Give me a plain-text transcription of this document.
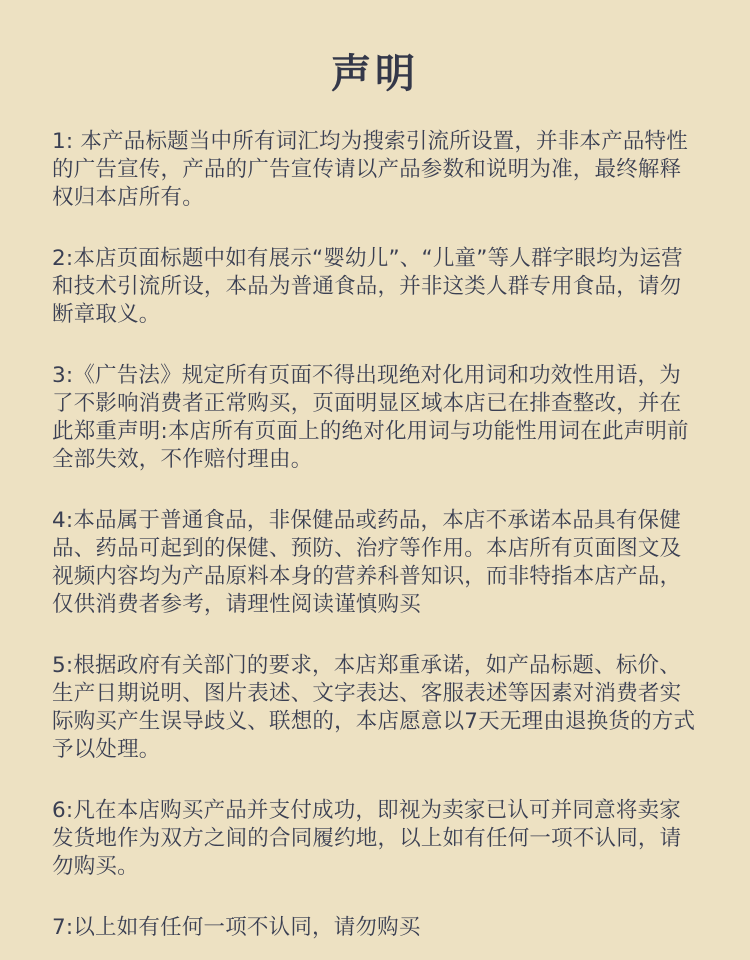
声明

1: 本产品标题当中所有词汇均为搜索引流所设置，并非本产品特性的广告宣传，产品的广告宣传请以产品参数和说明为准，最终解释权归本店所有。

2:本店页面标题中如有展示“婴幼儿”、“儿童”等人群字眼均为运营和技术引流所设，本品为普通食品，并非这类人群专用食品，请勿断章取义。

3:《广告法》规定所有页面不得出现绝对化用词和功效性用语，为了不影响消费者正常购买，页面明显区域本店已在排查整改，并在此郑重声明:本店所有页面上的绝对化用词与功能性用词在此声明前全部失效，不作赔付理由。

4:本品属于普通食品，非保健品或药品，本店不承诺本品具有保健品、药品可起到的保健、预防、治疗等作用。本店所有页面图文及视频内容均为产品原料本身的营养科普知识，而非特指本店产品，仅供消费者参考，请理性阅读谨慎购买

5:根据政府有关部门的要求，本店郑重承诺，如产品标题、标价、生产日期说明、图片表述、文字表达、客服表述等因素对消费者实际购买产生误导歧义、联想的，本店愿意以7天无理由退换货的方式予以处理。

6:凡在本店购买产品并支付成功，即视为卖家已认可并同意将卖家发货地作为双方之间的合同履约地，以上如有任何一项不认同，请勿购买。

7:以上如有任何一项不认同，请勿购买
